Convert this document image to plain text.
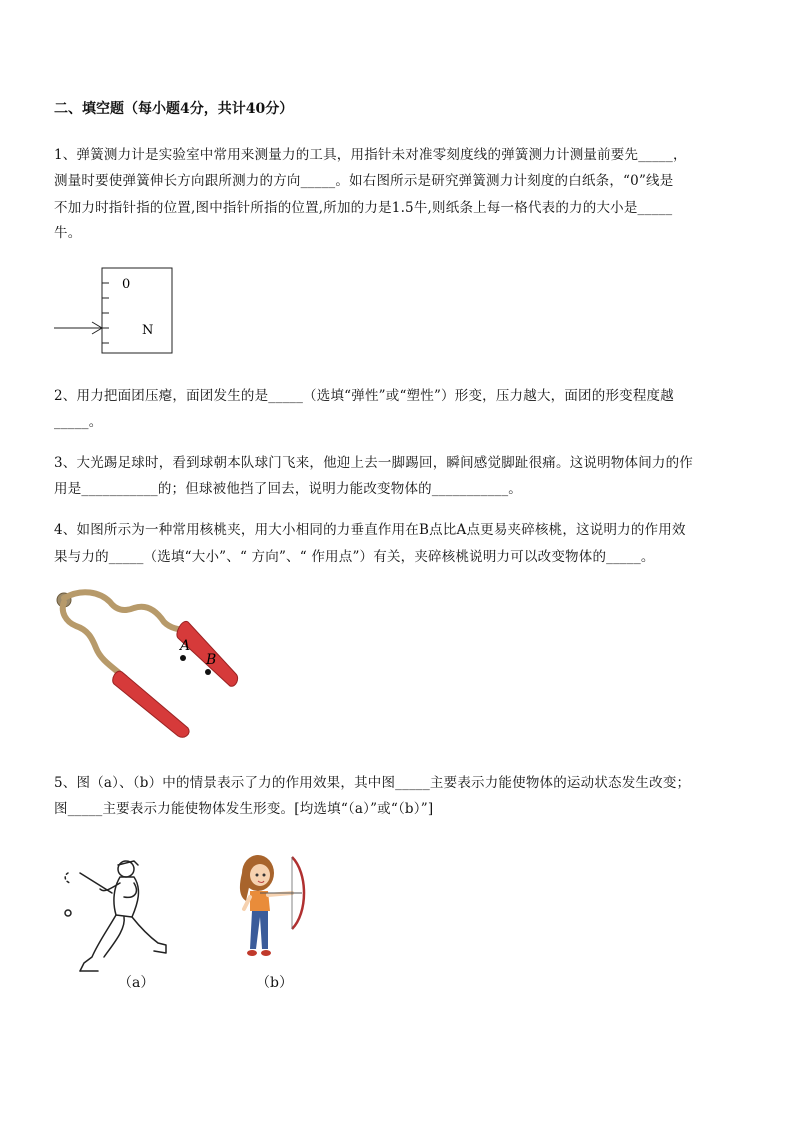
二、填空题（每小题4分，共计40分）
1、弹簧测力计是实验室中常用来测量力的工具，用指针未对准零刻度线的弹簧测力计测量前要先_____，
测量时要使弹簧伸长方向跟所测力的方向_____。如右图所示是研究弹簧测力计刻度的白纸条，“0”线是
不加力时指针指的位置,图中指针所指的位置,所加的力是1.5牛,则纸条上每一格代表的力的大小是_____
牛。
0
N
2、用力把面团压瘪，面团发生的是_____（选填“弹性”或“塑性”）形变，压力越大，面团的形变程度越
_____。
3、大光踢足球时，看到球朝本队球门飞来，他迎上去一脚踢回，瞬间感觉脚趾很痛。这说明物体间力的作
用是___________的；但球被他挡了回去，说明力能改变物体的___________。
4、如图所示为一种常用核桃夹，用大小相同的力垂直作用在B点比A点更易夹碎核桃，这说明力的作用效
果与力的_____（选填“大小”、“ 方向”、“ 作用点”）有关，夹碎核桃说明力可以改变物体的_____。
A
B
5、图（a）、（b）中的情景表示了力的作用效果，其中图_____主要表示力能使物体的运动状态发生改变；
图_____主要表示力能使物体发生形变。[均选填“（a）”或“（b）”]
（a）	（b）
